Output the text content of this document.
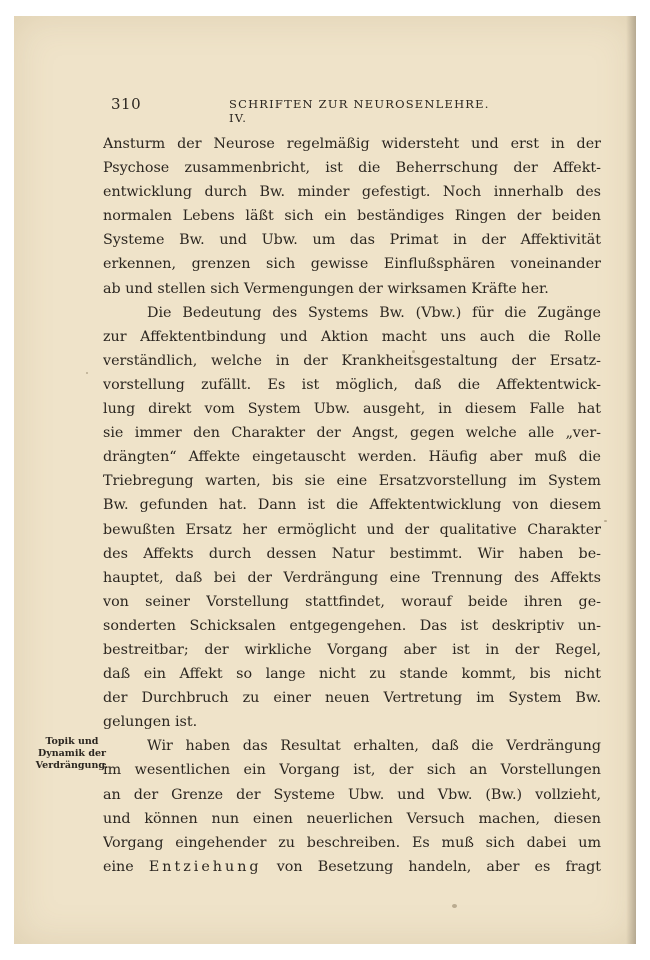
310	SCHRIFTEN ZUR NEUROSENLEHRE. IV.
Topik und
Dynamik der
Verdrängung.
Ansturm der Neurose regelmäßig widersteht und erst in der
Psychose zusammenbricht, ist die Beherrschung der Affekt-
entwicklung durch Bw. minder gefestigt. Noch innerhalb des
normalen Lebens läßt sich ein beständiges Ringen der beiden
Systeme Bw. und Ubw. um das Primat in der Affektivität
erkennen, grenzen sich gewisse Einflußsphären voneinander
ab und stellen sich Vermengungen der wirksamen Kräfte her.
Die Bedeutung des Systems Bw. (Vbw.) für die Zugänge
zur Affektentbindung und Aktion macht uns auch die Rolle
verständlich, welche in der Krankheitsgestaltung der Ersatz-
vorstellung zufällt. Es ist möglich, daß die Affektentwick-
lung direkt vom System Ubw. ausgeht, in diesem Falle hat
sie immer den Charakter der Angst, gegen welche alle „ver-
drängten“ Affekte eingetauscht werden. Häufig aber muß die
Triebregung warten, bis sie eine Ersatzvorstellung im System
Bw. gefunden hat. Dann ist die Affektentwicklung von diesem
bewußten Ersatz her ermöglicht und der qualitative Charakter
des Affekts durch dessen Natur bestimmt. Wir haben be-
hauptet, daß bei der Verdrängung eine Trennung des Affekts
von seiner Vorstellung stattfindet, worauf beide ihren ge-
sonderten Schicksalen entgegengehen. Das ist deskriptiv un-
bestreitbar; der wirkliche Vorgang aber ist in der Regel,
daß ein Affekt so lange nicht zu stande kommt, bis nicht
der Durchbruch zu einer neuen Vertretung im System Bw.
gelungen ist.
Wir haben das Resultat erhalten, daß die Verdrängung
im wesentlichen ein Vorgang ist, der sich an Vorstellungen
an der Grenze der Systeme Ubw. und Vbw. (Bw.) vollzieht,
und können nun einen neuerlichen Versuch machen, diesen
Vorgang eingehender zu beschreiben. Es muß sich dabei um
eine Entziehung von Besetzung handeln, aber es fragt
